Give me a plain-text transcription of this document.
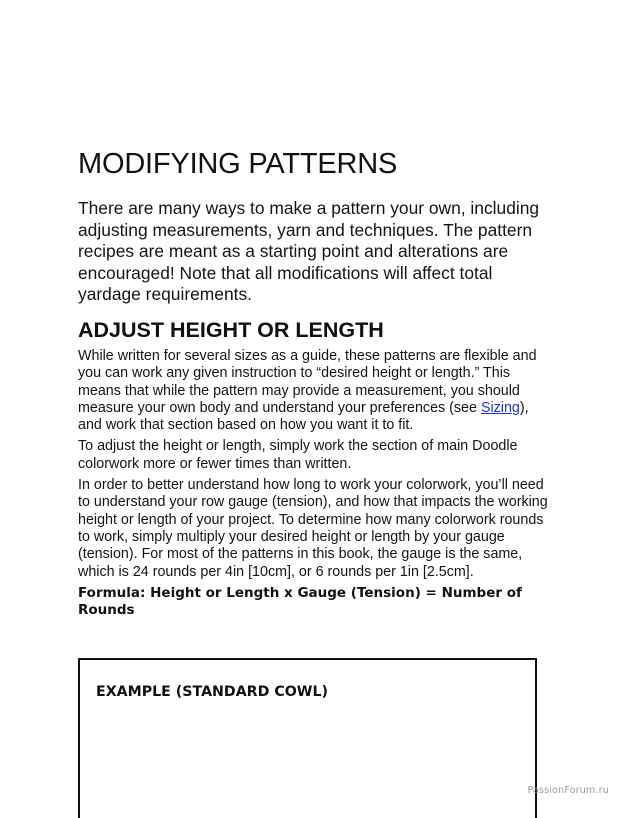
MODIFYING PATTERNS

There are many ways to make a pattern your own, including adjusting measurements, yarn and techniques. The pattern recipes are meant as a starting point and alterations are encouraged! Note that all modifications will affect total yardage requirements.

ADJUST HEIGHT OR LENGTH

While written for several sizes as a guide, these patterns are flexible and you can work any given instruction to “desired height or length.” This means that while the pattern may provide a measurement, you should measure your own body and understand your preferences (see Sizing), and work that section based on how you want it to fit.

To adjust the height or length, simply work the section of main Doodle colorwork more or fewer times than written.

In order to better understand how long to work your colorwork, you’ll need to understand your row gauge (tension), and how that impacts the working height or length of your project. To determine how many colorwork rounds to work, simply multiply your desired height or length by your gauge (tension). For most of the patterns in this book, the gauge is the same, which is 24 rounds per 4in [10cm], or 6 rounds per 1in [2.5cm].

Formula: Height or Length x Gauge (Tension) = Number of Rounds

EXAMPLE (STANDARD COWL)

PassionForum.ru
